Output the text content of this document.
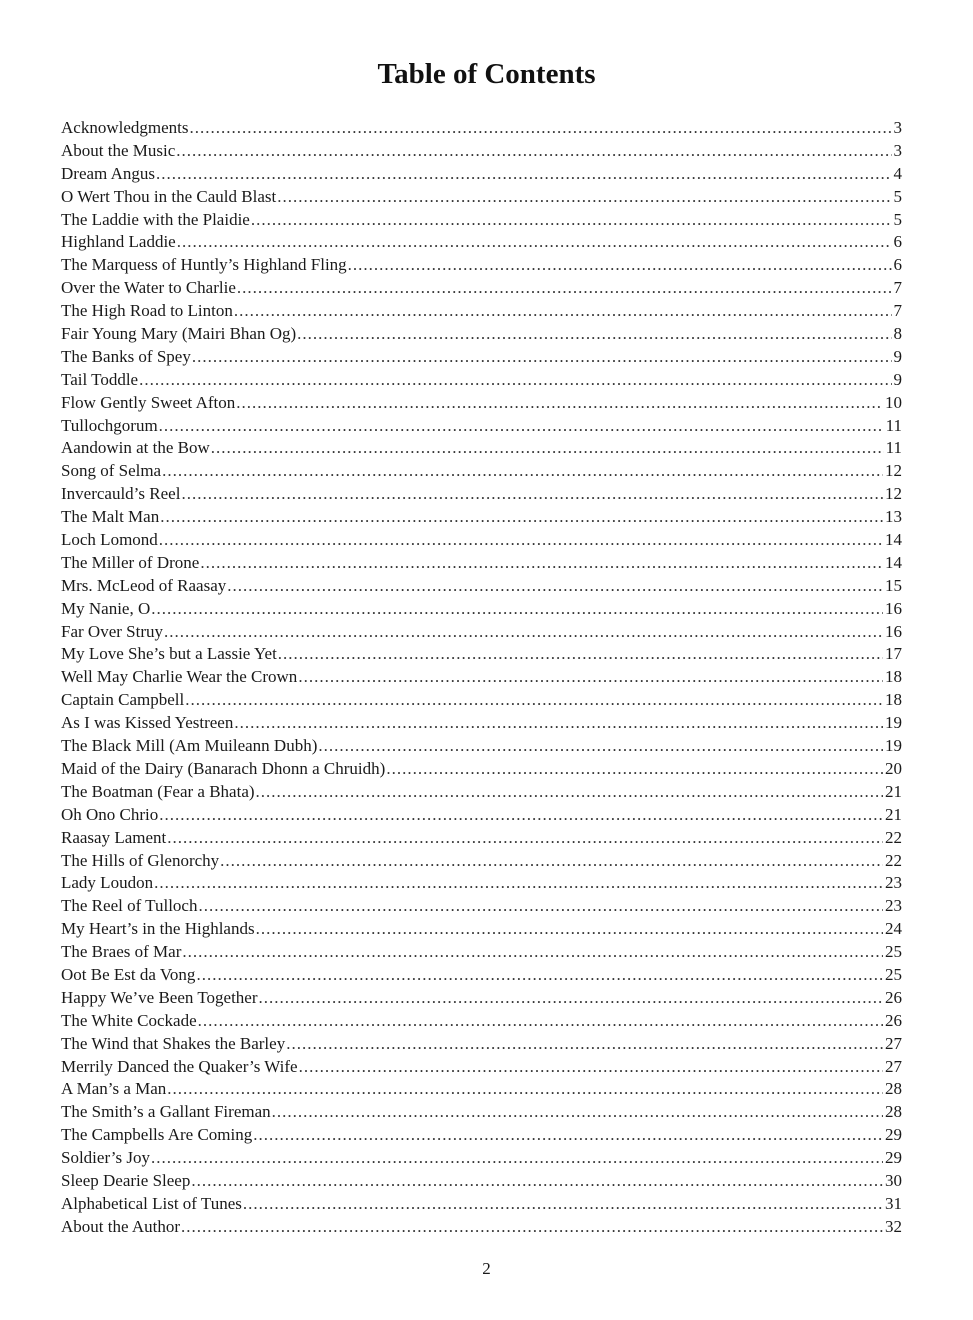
Table of Contents
Acknowledgments .....	3
About the Music .....	3
Dream Angus .....	4
O Wert Thou in the Cauld Blast .....	5
The Laddie with the Plaidie .....	5
Highland Laddie .....	6
The Marquess of Huntly’s Highland Fling .....	6
Over the Water to Charlie .....	7
The High Road to Linton .....	7
Fair Young Mary (Mairi Bhan Og) .....	8
The Banks of Spey .....	9
Tail Toddle .....	9
Flow Gently Sweet Afton .....	10
Tullochgorum .....	11
Aandowin at the Bow .....	11
Song of Selma .....	12
Invercauld’s Reel .....	12
The Malt Man .....	13
Loch Lomond .....	14
The Miller of Drone .....	14
Mrs. McLeod of Raasay .....	15
My Nanie, O .....	16
Far Over Struy .....	16
My Love She’s but a Lassie Yet .....	17
Well May Charlie Wear the Crown .....	18
Captain Campbell .....	18
As I was Kissed Yestreen .....	19
The Black Mill (Am Muileann Dubh) .....	19
Maid of the Dairy (Banarach Dhonn a Chruidh) .....	20
The Boatman (Fear a Bhata) .....	21
Oh Ono Chrio .....	21
Raasay Lament .....	22
The Hills of Glenorchy .....	22
Lady Loudon .....	23
The Reel of Tulloch .....	23
My Heart’s in the Highlands .....	24
The Braes of Mar .....	25
Oot Be Est da Vong .....	25
Happy We’ve Been Together .....	26
The White Cockade .....	26
The Wind that Shakes the Barley .....	27
Merrily Danced the Quaker’s Wife .....	27
A Man’s a Man .....	28
The Smith’s a Gallant Fireman .....	28
The Campbells Are Coming .....	29
Soldier’s Joy .....	29
Sleep Dearie Sleep .....	30
Alphabetical List of Tunes .....	31
About the Author .....	32
2
